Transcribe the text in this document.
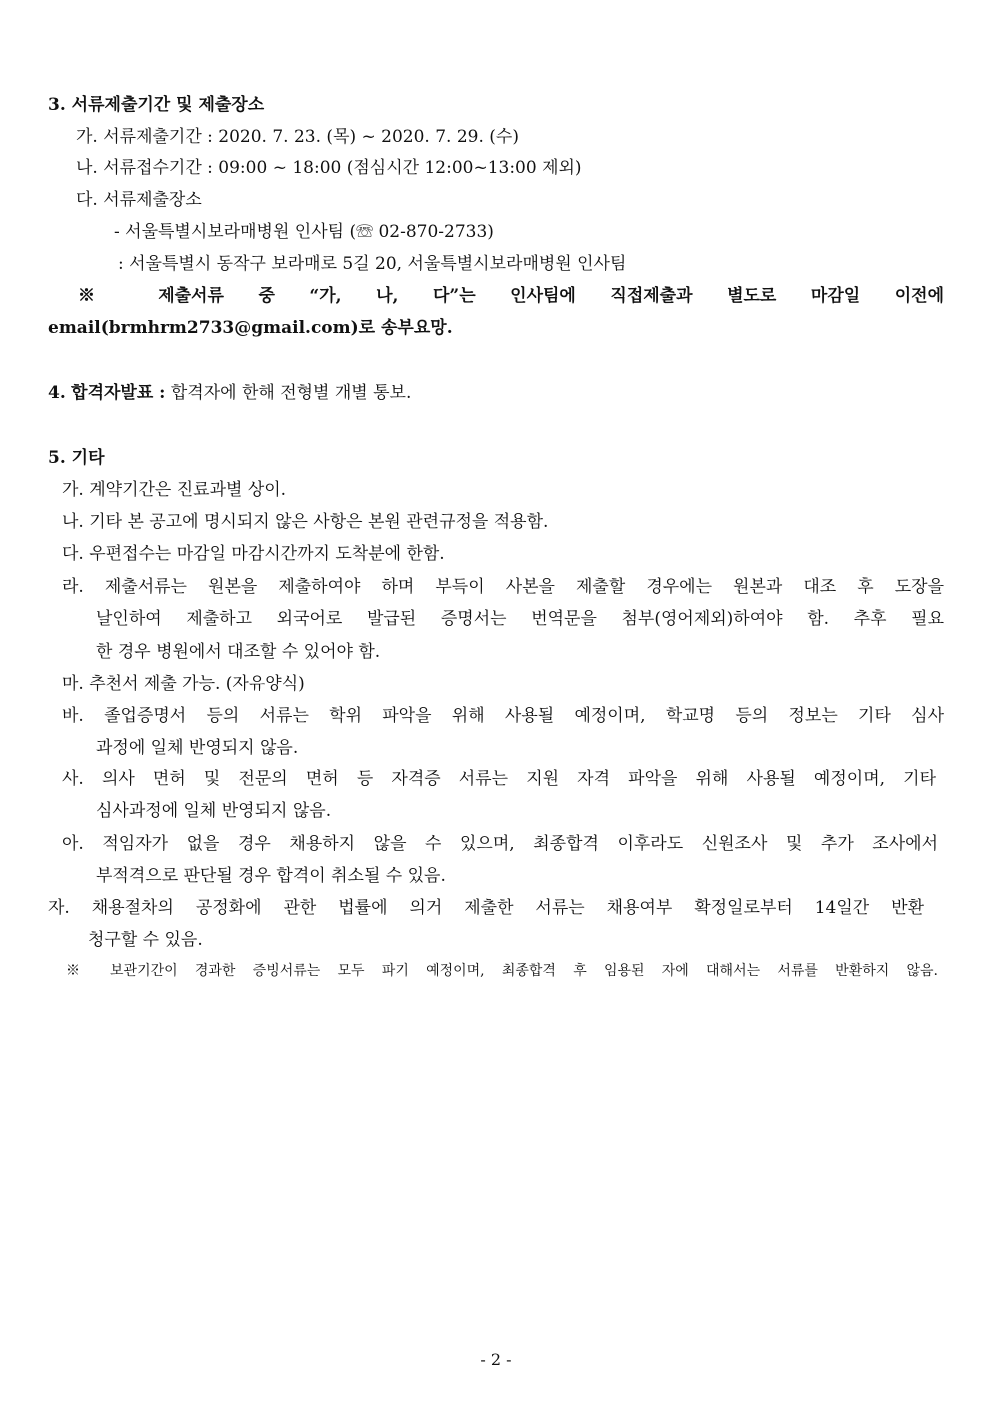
3. 서류제출기간 및 제출장소
가. 서류제출기간 : 2020. 7. 23. (목) ~ 2020. 7. 29. (수)
나. 서류접수기간 : 09:00 ~ 18:00 (점심시간 12:00~13:00 제외)
다. 서류제출장소
- 서울특별시보라매병원 인사팀 (☏ 02-870-2733)
: 서울특별시 동작구 보라매로 5길 20, 서울특별시보라매병원 인사팀
※ 제출서류 중 “가, 나, 다”는 인사팀에 직접제출과 별도로 마감일 이전에
email(brmhrm2733@gmail.com)로 송부요망.
4. 합격자발표 : 합격자에 한해 전형별 개별 통보.
5. 기타
가. 계약기간은 진료과별 상이.
나. 기타 본 공고에 명시되지 않은 사항은 본원 관련규정을 적용함.
다. 우편접수는 마감일 마감시간까지 도착분에 한함.
라. 제출서류는 원본을 제출하여야 하며 부득이 사본을 제출할 경우에는 원본과 대조 후 도장을
날인하여 제출하고 외국어로 발급된 증명서는 번역문을 첨부(영어제외)하여야 함. 추후 필요
한 경우 병원에서 대조할 수 있어야 함.
마. 추천서 제출 가능. (자유양식)
바. 졸업증명서 등의 서류는 학위 파악을 위해 사용될 예정이며, 학교명 등의 정보는 기타 심사
과정에 일체 반영되지 않음.
사. 의사 면허 및 전문의 면허 등 자격증 서류는 지원 자격 파악을 위해 사용될 예정이며, 기타
심사과정에 일체 반영되지 않음.
아. 적임자가 없을 경우 채용하지 않을 수 있으며, 최종합격 이후라도 신원조사 및 추가 조사에서
부적격으로 판단될 경우 합격이 취소될 수 있음.
자. 채용절차의 공정화에 관한 법률에 의거 제출한 서류는 채용여부 확정일로부터 14일간 반환
청구할 수 있음.
※ 보관기간이 경과한 증빙서류는 모두 파기 예정이며, 최종합격 후 임용된 자에 대해서는 서류를 반환하지 않음.
- 2 -
